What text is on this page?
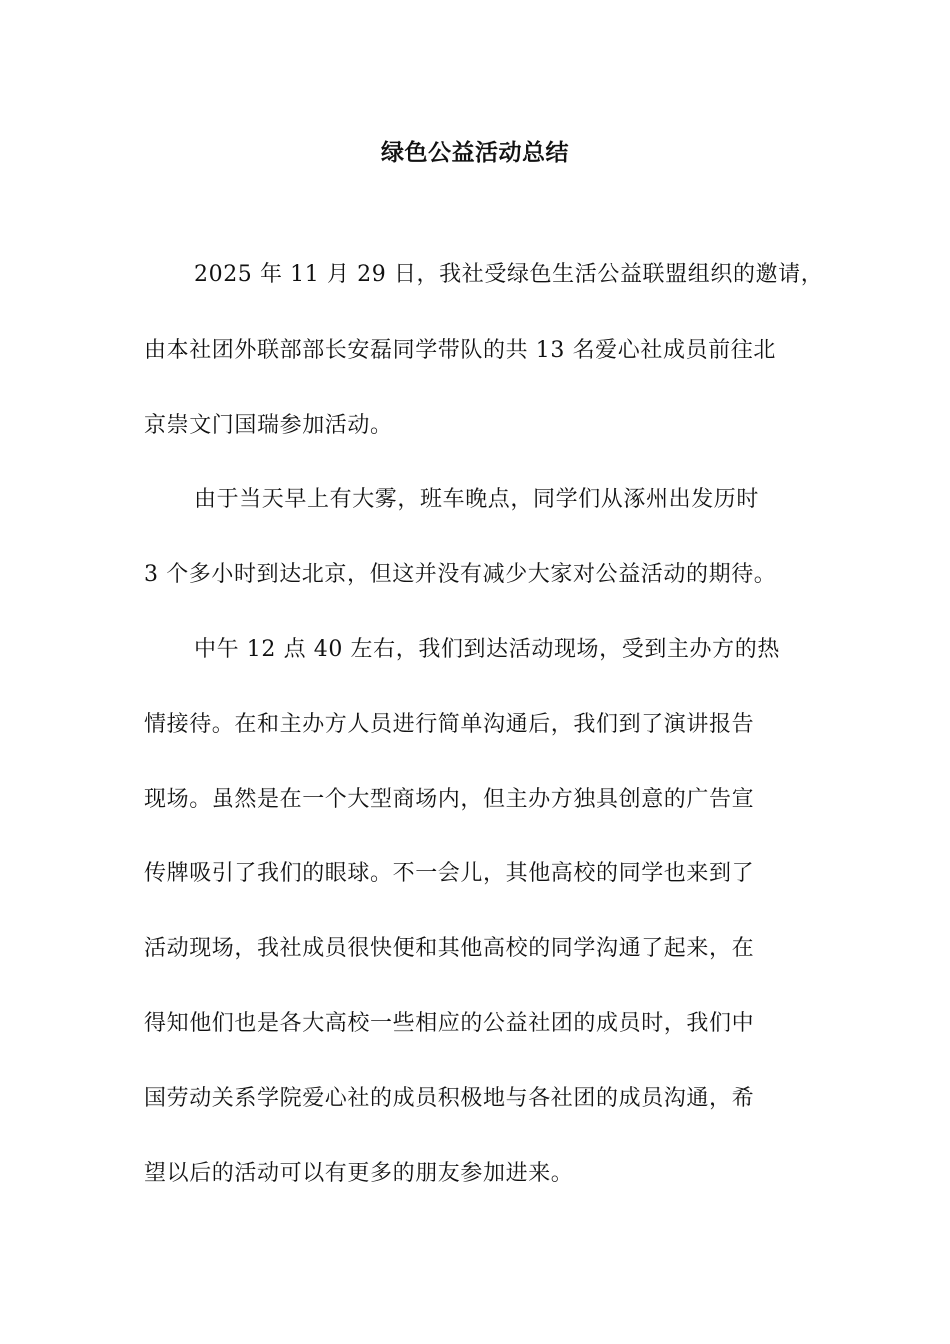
绿色公益活动总结

2025 年 11 月 29 日，我社受绿色生活公益联盟组织的邀请，

由本社团外联部部长安磊同学带队的共 13 名爱心社成员前往北

京崇文门国瑞参加活动。

由于当天早上有大雾，班车晚点，同学们从涿州出发历时

3 个多小时到达北京，但这并没有减少大家对公益活动的期待。

中午 12 点 40 左右，我们到达活动现场，受到主办方的热

情接待。在和主办方人员进行简单沟通后，我们到了演讲报告

现场。虽然是在一个大型商场内，但主办方独具创意的广告宣

传牌吸引了我们的眼球。不一会儿，其他高校的同学也来到了

活动现场，我社成员很快便和其他高校的同学沟通了起来，在

得知他们也是各大高校一些相应的公益社团的成员时，我们中

国劳动关系学院爱心社的成员积极地与各社团的成员沟通，希

望以后的活动可以有更多的朋友参加进来。
